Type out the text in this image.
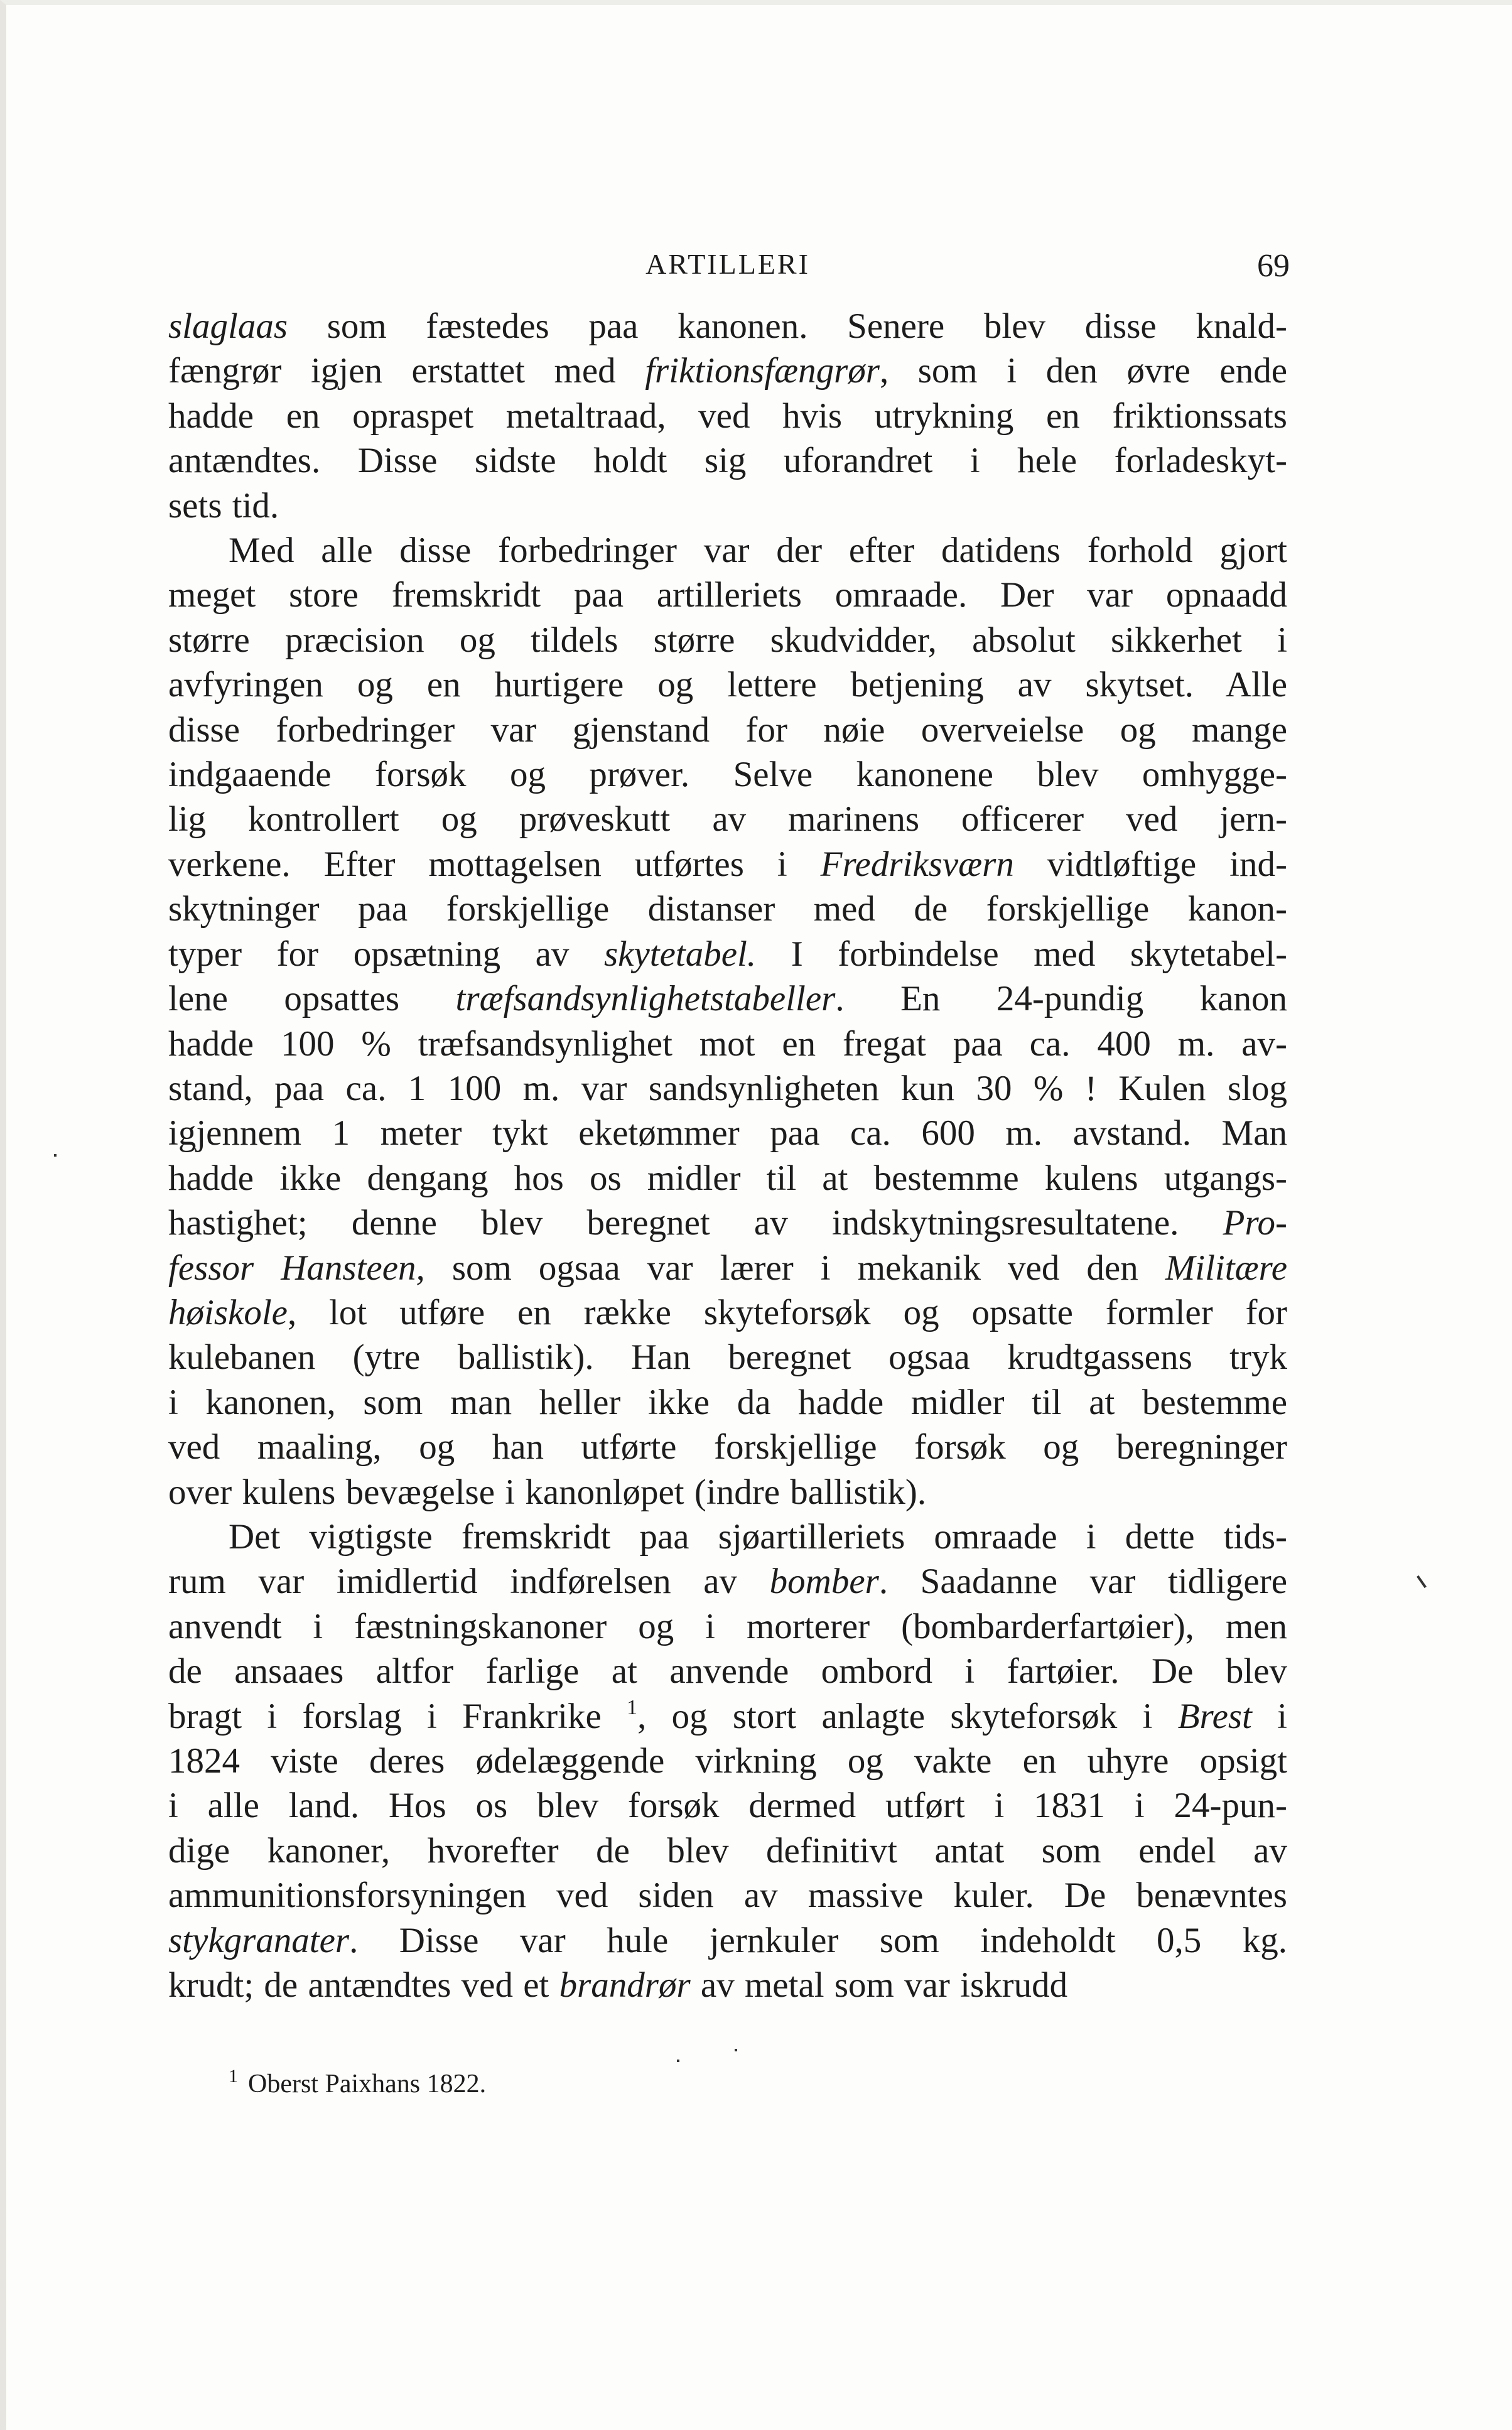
ARTILLERI	69
slaglaas som fæstedes paa kanonen. Senere blev disse knald‐
fængrør igjen erstattet med friktionsfængrør, som i den øvre ende
hadde en opraspet metaltraad, ved hvis utrykning en friktionssats
antændtes. Disse sidste holdt sig uforandret i hele forladeskyt‐
sets tid.
Med alle disse forbedringer var der efter datidens forhold gjort
meget store fremskridt paa artilleriets omraade. Der var opnaadd
større præcision og tildels større skudvidder, absolut sikkerhet i
avfyringen og en hurtigere og lettere betjening av skytset. Alle
disse forbedringer var gjenstand for nøie overveielse og mange
indgaaende forsøk og prøver. Selve kanonene blev omhygge‐
lig kontrollert og prøveskutt av marinens officerer ved jern‐
verkene. Efter mottagelsen utførtes i Fredriksværn vidtløftige ind‐
skytninger paa forskjellige distanser med de forskjellige kanon‐
typer for opsætning av skytetabel. I forbindelse med skytetabel‐
lene opsattes træfsandsynlighetstabeller. En 24‐pundig kanon
hadde 100 % træfsandsynlighet mot en fregat paa ca. 400 m. av‐
stand, paa ca. 1 100 m. var sandsynligheten kun 30 % ! Kulen slog
igjennem 1 meter tykt eketømmer paa ca. 600 m. avstand. Man
hadde ikke dengang hos os midler til at bestemme kulens utgangs‐
hastighet; denne blev beregnet av indskytningsresultatene. Pro‐
fessor Hansteen, som ogsaa var lærer i mekanik ved den Militære
høiskole, lot utføre en række skyteforsøk og opsatte formler for
kulebanen (ytre ballistik). Han beregnet ogsaa krudtgassens tryk
i kanonen, som man heller ikke da hadde midler til at bestemme
ved maaling, og han utførte forskjellige forsøk og beregninger
over kulens bevægelse i kanonløpet (indre ballistik).
Det vigtigste fremskridt paa sjøartilleriets omraade i dette tids‐
rum var imidlertid indførelsen av bomber. Saadanne var tidligere
anvendt i fæstningskanoner og i morterer (bombarderfartøier), men
de ansaaes altfor farlige at anvende ombord i fartøier. De blev
bragt i forslag i Frankrike $^1$, og stort anlagte skyteforsøk i Brest i
1824 viste deres ødelæggende virkning og vakte en uhyre opsigt
i alle land. Hos os blev forsøk dermed utført i 1831 i 24‐pun‐
dige kanoner, hvorefter de blev definitivt antat som endel av
ammunitionsforsyningen ved siden av massive kuler. De benævntes
stykgranater. Disse var hule jernkuler som indeholdt 0,5 kg.
krudt; de antændtes ved et brandrør av metal som var iskrudd
$^1$ Oberst Paixhans 1822.
